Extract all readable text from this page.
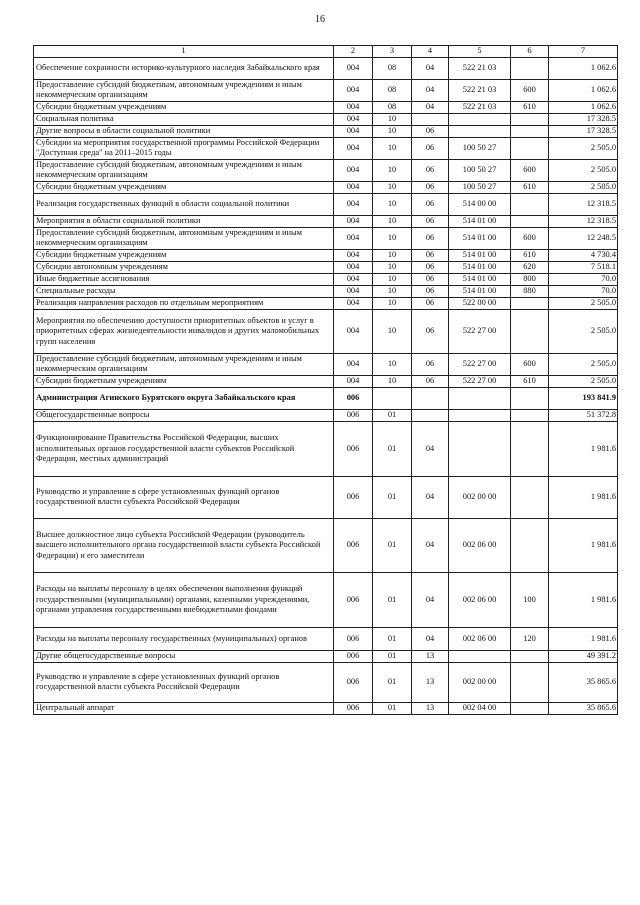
16
1	2	3	4	5	6	7
Обеспечение сохранности историко-культурного наследия Забайкальского края	004	08	04	522 21 03		1 062.6
Предоставление субсидий бюджетным, автономным учреждениям и иным некоммерческим организациям	004	08	04	522 21 03	600	1 062.6
Субсидии бюджетным учреждениям	004	08	04	522 21 03	610	1 062.6
Социальная политика	004	10				17 328.5
Другие вопросы в области социальной политики	004	10	06			17 328.5
Субсидии на мероприятия государственной программы Российской Федерации "Доступная среда" на 2011–2015 годы	004	10	06	100 50 27		2 505.0
Предоставление субсидий бюджетным, автономным учреждениям и иным некоммерческим организациям	004	10	06	100 50 27	600	2 505.0
Субсидии бюджетным учреждениям	004	10	06	100 50 27	610	2 505.0
Реализация государственных функций в области социальной политики	004	10	06	514 00 00		12 318.5
Мероприятия в области социальной политики	004	10	06	514 01 00		12 318.5
Предоставление субсидий бюджетным, автономным учреждениям и иным некоммерческим организациям	004	10	06	514 01 00	600	12 248.5
Субсидии бюджетным учреждениям	004	10	06	514 01 00	610	4 730.4
Субсидии автономным учреждениям	004	10	06	514 01 00	620	7 518.1
Иные бюджетные ассигнования	004	10	06	514 01 00	800	70.0
Специальные расходы	004	10	06	514 01 00	880	70.0
Реализация направления расходов по отдельным мероприятиям	004	10	06	522 00 00		2 505.0
Мероприятия по обеспечению доступности приоритетных объектов и услуг в приоритетных сферах жизнедеятельности инвалидов и других маломобильных групп населения	004	10	06	522 27 00		2 505.0
Предоставление субсидий бюджетным, автономным учреждениям и иным некоммерческим организациям	004	10	06	522 27 00	600	2 505.0
Субсидии бюджетным учреждениям	004	10	06	522 27 00	610	2 505.0
Администрация Агинского Бурятского округа Забайкальского края	006					193 841.9
Общегосударственные вопросы	006	01				51 372.8
Функционирование Правительства Российской Федерации, высших исполнительных органов государственной власти субъектов Российской Федерации, местных администраций	006	01	04			1 981.6
Руководство и управление в сфере установленных функций органов государственной власти субъекта Российской Федерации	006	01	04	002 00 00		1 981.6
Высшее должностное лицо субъекта Российской Федерации (руководитель высшего исполнительного органа государственной власти субъекта Российской Федерации) и его заместители	006	01	04	002 06 00		1 981.6
Расходы на выплаты персоналу в целях обеспечения выполнения функций государственными (муниципальными) органами, казенными учреждениями, органами управления государственными внебюджетными фондами	006	01	04	002 06 00	100	1 981.6
Расходы на выплаты персоналу государственных (муниципальных) органов	006	01	04	002 06 00	120	1 981.6
Другие общегосударственные вопросы	006	01	13			49 391.2
Руководство и управление в сфере установленных функций органов государственной власти субъекта Российской Федерации	006	01	13	002 00 00		35 865.6
Центральный аппарат	006	01	13	002 04 00		35 865.6
